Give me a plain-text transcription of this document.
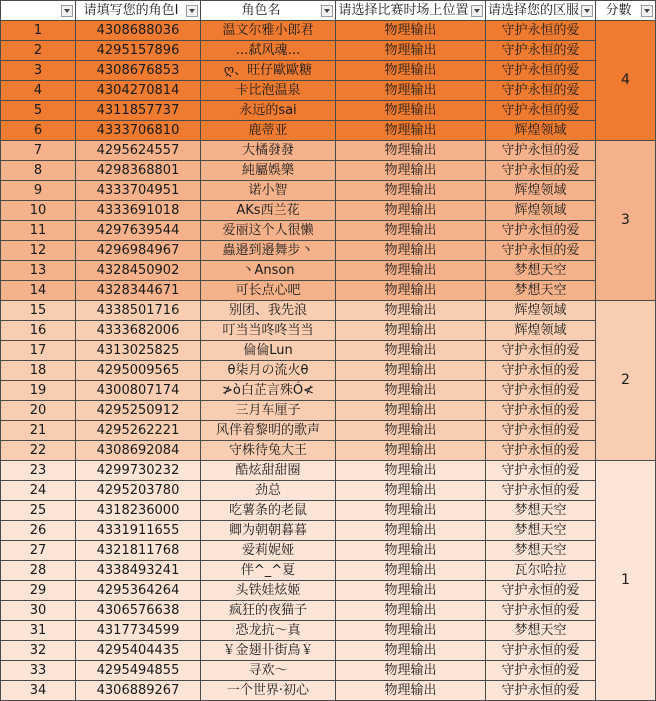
	请填写您的角色I	角色名	请选择比赛时场上位置	请选择您的区服	分數

1	4308688036	温文尔雅小郎君	物理输出	守护永恒的爱	4
2	4295157896	…弑风魂…	物理输出	守护永恒的爱	
3	4308676853	ღ、旺仔歐歐糖	物理输出	守护永恒的爱	
4	4304270814	卡比泡温泉	物理输出	守护永恒的爱	
5	4311857737	永远的sai	物理输出	守护永恒的爱	
6	4333706810	鹿蒂亚	物理输出	辉煌领域	
7	4295624557	大橘發發	物理输出	守护永恒的爱	3
8	4298368801	純屬娛樂	物理输出	守护永恒的爱	
9	4333704951	诺小智	物理输出	辉煌领域	
10	4333691018	AKs西兰花	物理输出	辉煌领域	
11	4297639544	爱丽这个人很懒	物理输出	守护永恒的爱	
12	4296984967	蟲邉到邉舞步丶	物理输出	守护永恒的爱	
13	4328450902	丶Anson	物理输出	梦想天空	
14	4328344671	可长点心吧	物理输出	梦想天空	
15	4338501716	别团、我先浪	物理输出	辉煌领域	2
16	4333682006	叮当当咚咚当当	物理输出	辉煌领域	
17	4313025825	倫倫Lun	物理输出	守护永恒的爱	
18	4295009565	θ柒月の流火θ	物理输出	守护永恒的爱	
19	4300807174	≯ò白芷言殊Ó≮	物理输出	守护永恒的爱	
20	4295250912	三月车厘子	物理输出	守护永恒的爱	
21	4295262221	风伴着黎明的歌声	物理输出	守护永恒的爱	
22	4308692084	守株待兔大王	物理输出	守护永恒的爱	
23	4299730232	酷炫甜甜圈	物理输出	守护永恒的爱	1
24	4295203780	劲总	物理输出	守护永恒的爱	
25	4318236000	吃薯条的老鼠	物理输出	梦想天空	
26	4331911655	卿为朝朝暮暮	物理输出	梦想天空	
27	4321811768	爱莉妮娅	物理输出	梦想天空	
28	4338493241	伴^_^夏	物理输出	瓦尔哈拉	
29	4295364264	头铁娃炫姬	物理输出	守护永恒的爱	
30	4306576638	疯狂的夜猫子	物理输出	守护永恒的爱	
31	4317734599	恐龙抗～真	物理输出	梦想天空	
32	4295404435	￥金翅卝街鳥￥	物理输出	守护永恒的爱	
33	4295494855	寻欢～	物理输出	守护永恒的爱	
34	4306889267	一个世界·初心	物理输出	守护永恒的爱	
